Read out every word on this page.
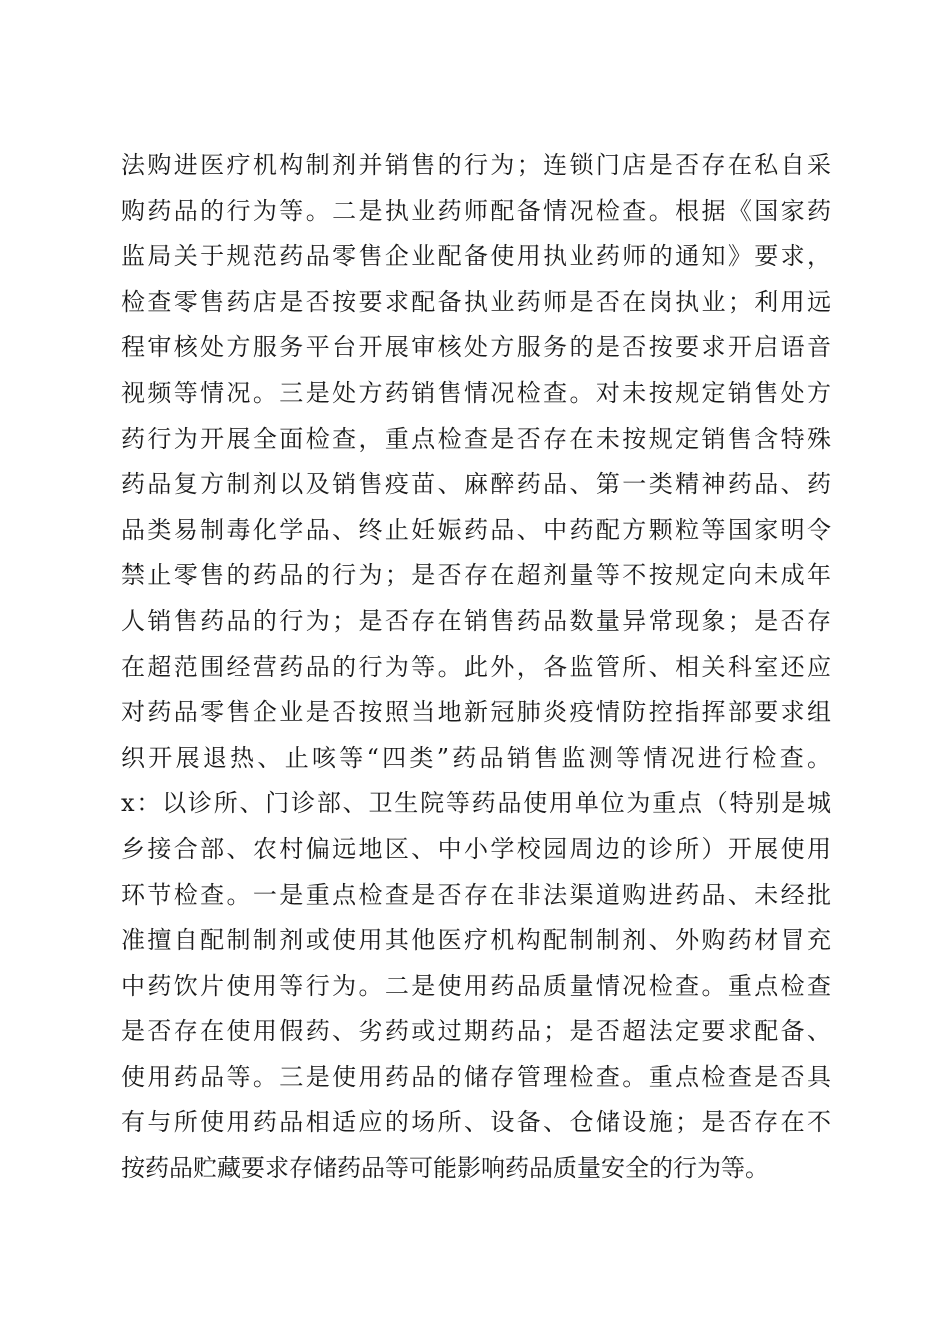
法购进医疗机构制剂并销售的行为；连锁门店是否存在私自采
购药品的行为等。二是执业药师配备情况检查。根据《国家药
监局关于规范药品零售企业配备使用执业药师的通知》要求，
检查零售药店是否按要求配备执业药师是否在岗执业；利用远
程审核处方服务平台开展审核处方服务的是否按要求开启语音
视频等情况。三是处方药销售情况检查。对未按规定销售处方
药行为开展全面检查，重点检查是否存在未按规定销售含特殊
药品复方制剂以及销售疫苗、麻醉药品、第一类精神药品、药
品类易制毒化学品、终止妊娠药品、中药配方颗粒等国家明令
禁止零售的药品的行为；是否存在超剂量等不按规定向未成年
人销售药品的行为；是否存在销售药品数量异常现象；是否存
在超范围经营药品的行为等。此外，各监管所、相关科室还应
对药品零售企业是否按照当地新冠肺炎疫情防控指挥部要求组
织开展退热、止咳等“四类”药品销售监测等情况进行检查。
x：以诊所、门诊部、卫生院等药品使用单位为重点（特别是城
乡接合部、农村偏远地区、中小学校园周边的诊所）开展使用
环节检查。一是重点检查是否存在非法渠道购进药品、未经批
准擅自配制制剂或使用其他医疗机构配制制剂、外购药材冒充
中药饮片使用等行为。二是使用药品质量情况检查。重点检查
是否存在使用假药、劣药或过期药品；是否超法定要求配备、
使用药品等。三是使用药品的储存管理检查。重点检查是否具
有与所使用药品相适应的场所、设备、仓储设施；是否存在不
按药品贮藏要求存储药品等可能影响药品质量安全的行为等。
